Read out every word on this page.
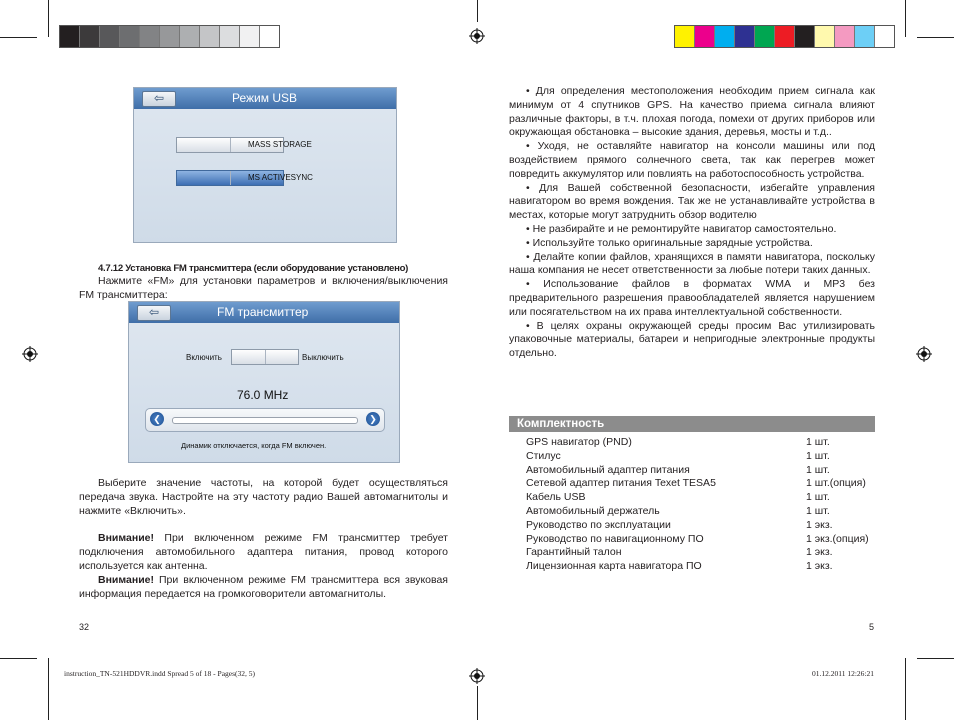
⇦	Режим USB
MASS STORAGE
MS ACTIVESYNC
4.7.12 Установка FM трансмиттера (если оборудование установлено)
Нажмите «FM» для установки параметров и включения/выключения FM трансмиттера:
⇦	FM трансмиттер
Включить	Выключить
76.0 MHz
❮	❯
Динамик отключается, когда FM включен.
Выберите значение частоты, на которой будет осуществляться передача звука. Настройте на эту частоту радио Вашей автомагнитолы и нажмите «Включить».
Внимание! При включенном режиме FM трансмиттер требует подключения автомобильного адаптера питания, провод которого используется как антенна.
Внимание! При включенном режиме FM трансмиттера вся звуковая информация передается на громкоговорители автомагнитолы.
32
• Для определения местоположения необходим прием сигнала как минимум от 4 спутников GPS. На качество приема сигнала влияют различные факторы, в т.ч. плохая погода, помехи от других приборов или окружающая обстановка – высокие здания, деревья, мосты и т.д..
• Уходя, не оставляйте навигатор на консоли машины или под воздействием прямого солнечного света, так как перегрев может повредить аккумулятор или повлиять на работоспособность устройства.
• Для Вашей собственной безопасности, избегайте управления навигатором во время вождения. Так же не устанавливайте устройства в местах, которые могут затруднить обзор водителю
• Не разбирайте и не ремонтируйте навигатор самостоятельно.
• Используйте только оригинальные зарядные устройства.
• Делайте копии файлов, хранящихся в памяти навигатора, поскольку наша компания не несет ответственности за любые потери таких данных.
• Использование файлов в форматах WMA и MP3 без предварительного разрешения правообладателей является нарушением или посягательством на их права интеллектуальной собственности.
• В целях охраны окружающей среды просим Вас утилизировать упаковочные материалы, батареи и непригодные электронные продукты отдельно.
Комплектность
GPS навигатор (PND)	1 шт.
Стилус	1 шт.
Автомобильный адаптер питания	1 шт.
Сетевой адаптер питания Texet TESA5	1 шт.(опция)
Кабель USB	1 шт.
Автомобильный держатель	1 шт.
Руководство по эксплуатации	1 экз.
Руководство по навигационному ПО	1 экз.(опция)
Гарантийный талон	1 экз.
Лицензионная карта навигатора ПО	1 экз.
5
instruction_TN-521HDDVR.indd Spread 5 of 18 - Pages(32, 5)	01.12.2011 12:26:21
